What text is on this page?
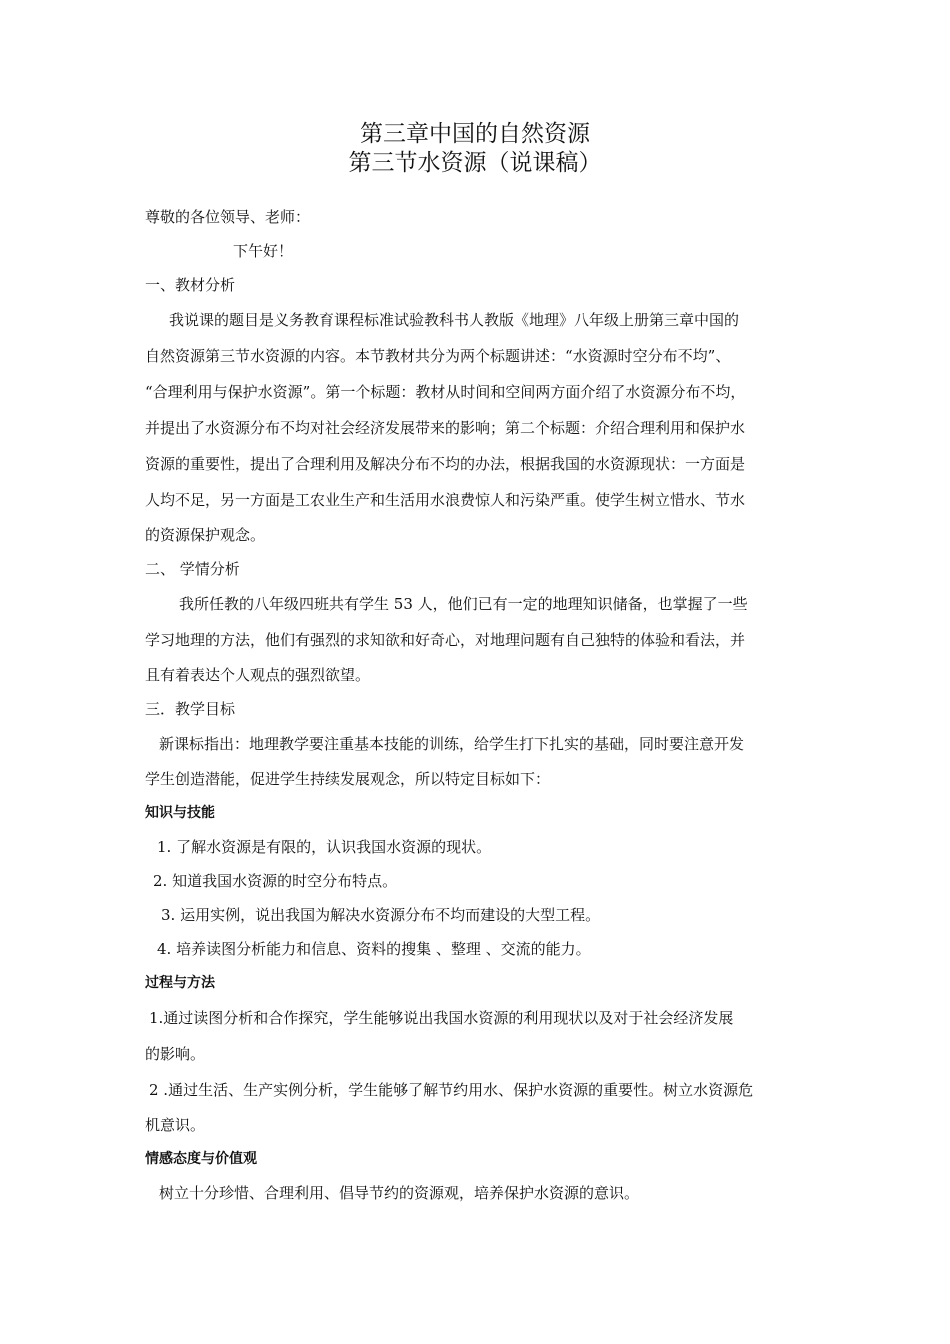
第三章中国的自然资源
第三节水资源（说课稿）
尊敬的各位领导、老师：
下午好！
一、教材分析
我说课的题目是义务教育课程标准试验教科书人教版《地理》八年级上册第三章中国的
自然资源第三节水资源的内容。本节教材共分为两个标题讲述：“水资源时空分布不均”、
“合理利用与保护水资源”。第一个标题：教材从时间和空间两方面介绍了水资源分布不均，
并提出了水资源分布不均对社会经济发展带来的影响；第二个标题：介绍合理利用和保护水
资源的重要性，提出了合理利用及解决分布不均的办法，根据我国的水资源现状：一方面是
人均不足，另一方面是工农业生产和生活用水浪费惊人和污染严重。使学生树立惜水、节水
的资源保护观念。
二、 学情分析
我所任教的八年级四班共有学生 53 人，他们已有一定的地理知识储备，也掌握了一些
学习地理的方法，他们有强烈的求知欲和好奇心，对地理问题有自己独特的体验和看法，并
且有着表达个人观点的强烈欲望。
三．教学目标
新课标指出：地理教学要注重基本技能的训练，给学生打下扎实的基础，同时要注意开发
学生创造潜能，促进学生持续发展观念，所以特定目标如下：
知识与技能
1. 了解水资源是有限的，认识我国水资源的现状。
2. 知道我国水资源的时空分布特点。
3. 运用实例，说出我国为解决水资源分布不均而建设的大型工程。
4. 培养读图分析能力和信息、资料的搜集 、整理 、交流的能力。
过程与方法
1.通过读图分析和合作探究，学生能够说出我国水资源的利用现状以及对于社会经济发展
的影响。
2 .通过生活、生产实例分析，学生能够了解节约用水、保护水资源的重要性。树立水资源危
机意识。
情感态度与价值观
树立十分珍惜、合理利用、倡导节约的资源观，培养保护水资源的意识。
